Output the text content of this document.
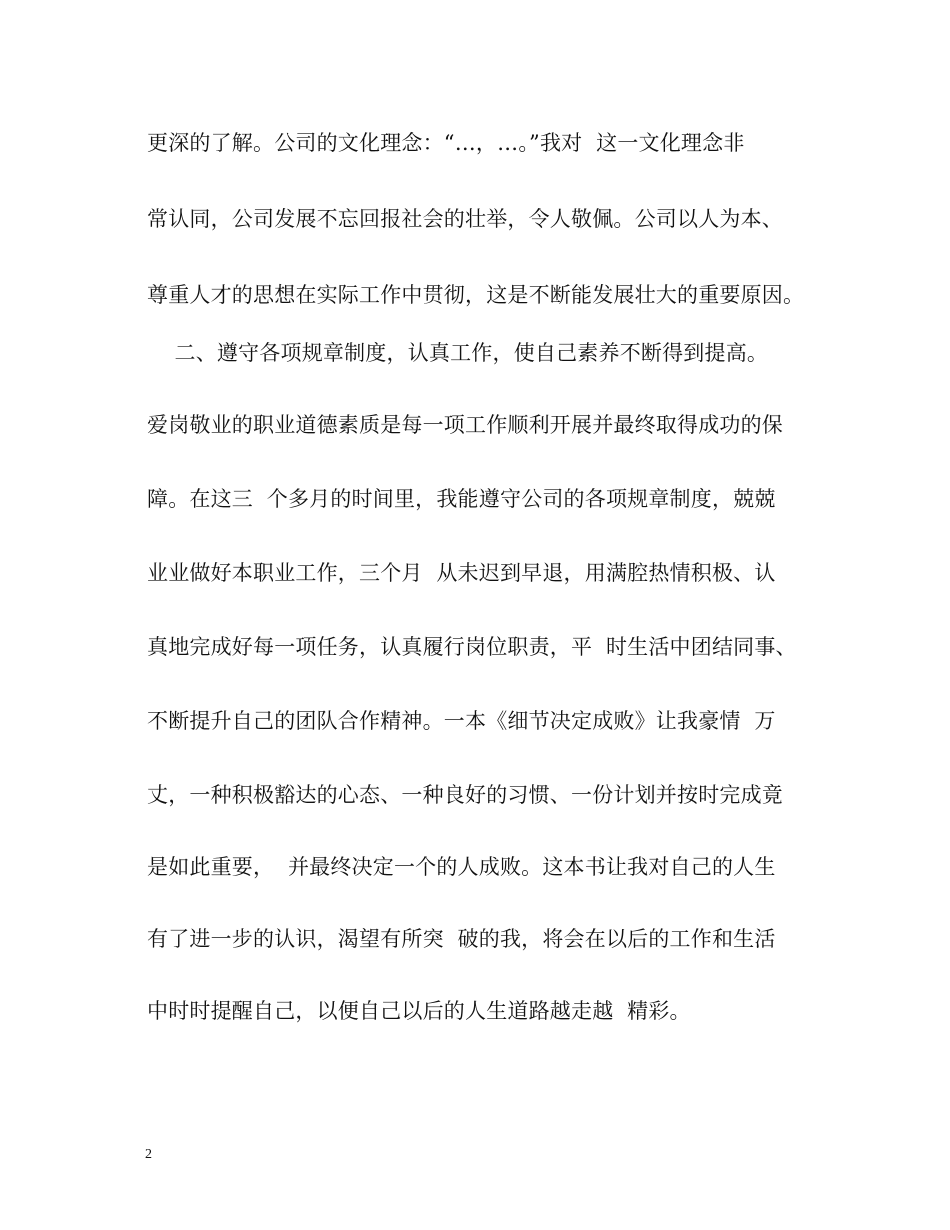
更深的了解。公司的文化理念：“…，…。”我对  这一文化理念非
常认同，公司发展不忘回报社会的壮举，令人敬佩。公司以人为本、
尊重人才的思想在实际工作中贯彻，这是不断能发展壮大的重要原因。
二、遵守各项规章制度，认真工作，使自己素养不断得到提高。
爱岗敬业的职业道德素质是每一项工作顺利开展并最终取得成功的保
障。在这三  个多月的时间里，我能遵守公司的各项规章制度，兢兢
业业做好本职业工作，三个月  从未迟到早退，用满腔热情积极、认
真地完成好每一项任务，认真履行岗位职责，平  时生活中团结同事、
不断提升自己的团队合作精神。一本《细节决定成败》让我豪情  万
丈，一种积极豁达的心态、一种良好的习惯、一份计划并按时完成竟
是如此重要，  并最终决定一个的人成败。这本书让我对自己的人生
有了进一步的认识，渴望有所突  破的我，将会在以后的工作和生活
中时时提醒自己，以便自己以后的人生道路越走越  精彩。
2
